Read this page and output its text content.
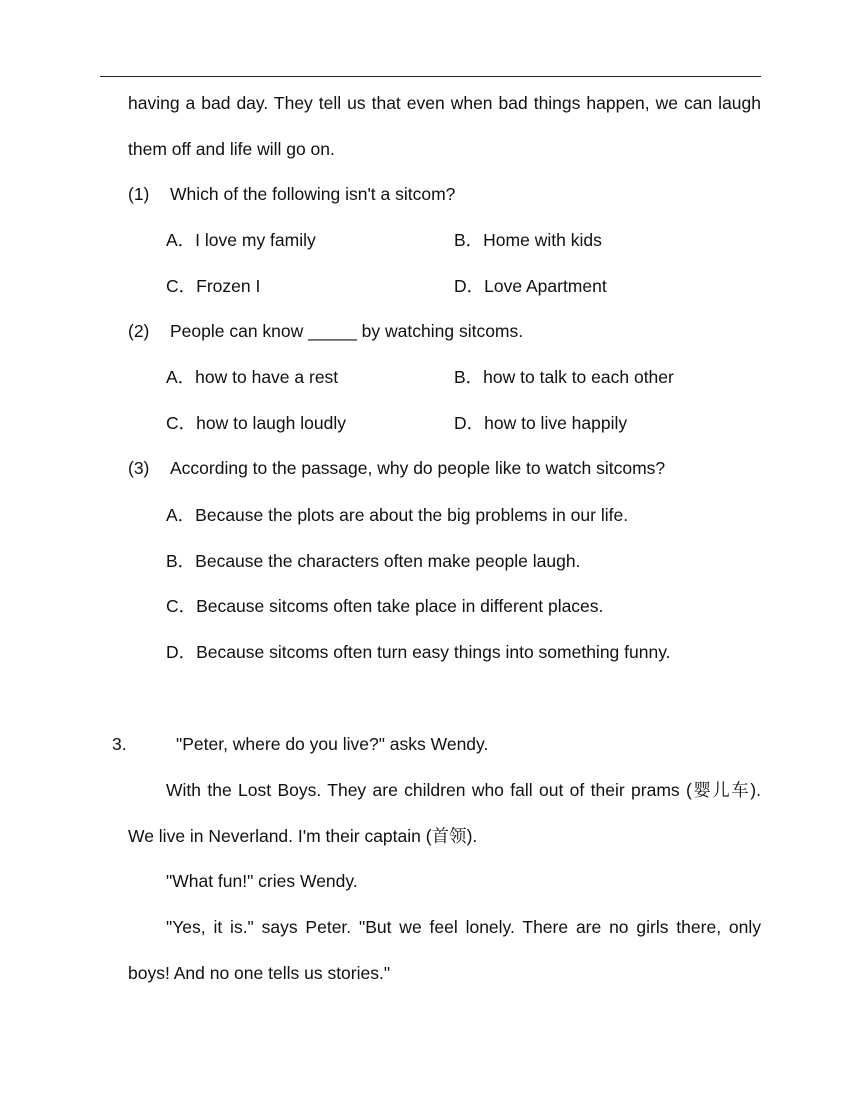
having a bad day. They tell us that even when bad things happen, we can laugh
them off and life will go on.
(1) Which of the following isn't a sitcom?
A．I love my family	B．Home with kids
C．Frozen I	D．Love Apartment
(2) People can know _____ by watching sitcoms.
A．how to have a rest	B．how to talk to each other
C．how to laugh loudly	D．how to live happily
(3) According to the passage, why do people like to watch sitcoms?
A．Because the plots are about the big problems in our life.
B．Because the characters often make people laugh.
C．Because sitcoms often take place in different places.
D．Because sitcoms often turn easy things into something funny.
3.	"Peter, where do you live?" asks Wendy.
With the Lost Boys. They are children who fall out of their prams (婴儿车).
We live in Neverland. I'm their captain (首领).
"What fun!" cries Wendy.
"Yes, it is." says Peter. "But we feel lonely. There are no girls there, only
boys! And no one tells us stories."
